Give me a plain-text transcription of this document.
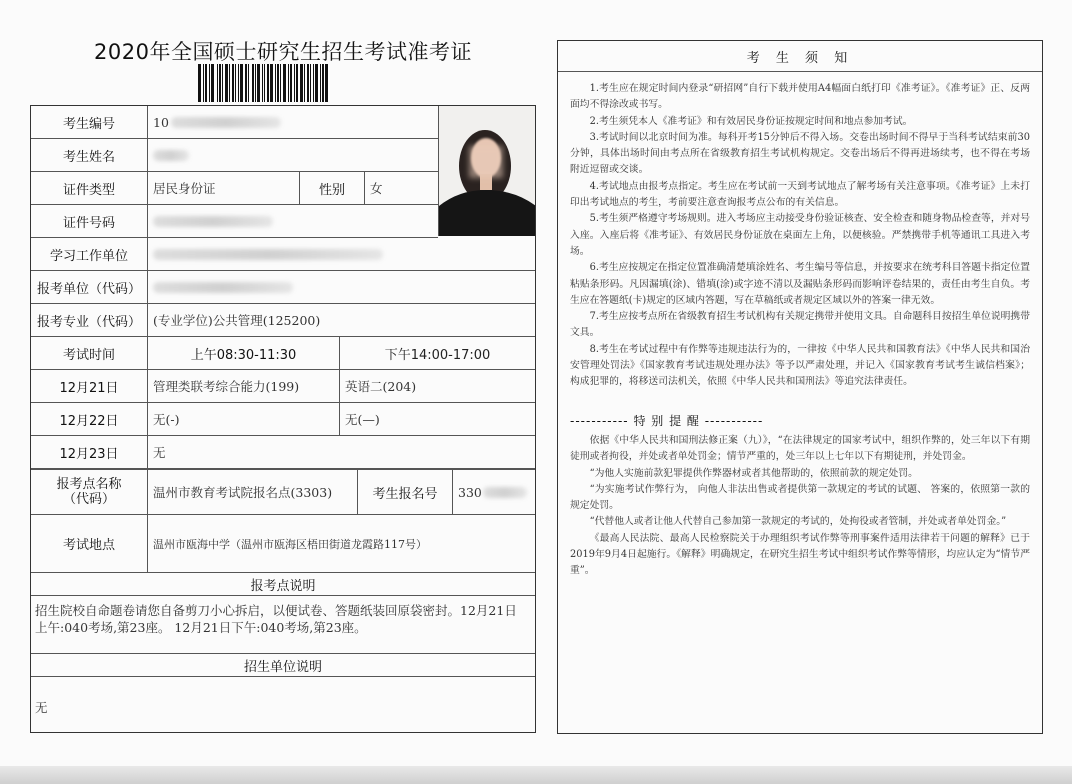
2020年全国硕士研究生招生考试准考证
考生编号	10
考生姓名
证件类型	居民身份证	性别	女
证件号码
学习工作单位
报考单位（代码）
报考专业（代码） (专业学位)公共管理(125200)
考试时间	上午08:30-11:30	下午14:00-17:00
12月21日	管理类联考综合能力(199)	英语二(204)
12月22日	无(-)	无(—)
12月23日	无
报考点名称（代码）	温州市教育考试院报名点(3303)	考生报名号	330
考试地点	温州市瓯海中学（温州市瓯海区梧田街道龙霞路117号）
报考点说明
招生院校自命题卷请您自备剪刀小心拆启，以便试卷、答题纸装回原袋密封。12月21日上午:040考场,第23座。 12月21日下午:040考场,第23座。
招生单位说明
无
考 生 须 知

1.考生应在规定时间内登录“研招网”自行下载并使用A4幅面白纸打印《准考证》。《准考证》正、反两面均不得涂改或书写。

2.考生须凭本人《准考证》和有效居民身份证按规定时间和地点参加考试。

3.考试时间以北京时间为准。每科开考15分钟后不得入场。交卷出场时间不得早于当科考试结束前30分钟，具体出场时间由考点所在省级教育招生考试机构规定。交卷出场后不得再进场续考，也不得在考场附近逗留或交谈。

4.考试地点由报考点指定。考生应在考试前一天到考试地点了解考场有关注意事项。《准考证》上未打印出考试地点的考生，考前要注意查询报考点公布的有关信息。

5.考生须严格遵守考场规则。进入考场应主动接受身份验证核查、安全检查和随身物品检查等，并对号入座。入座后将《准考证》、有效居民身份证放在桌面左上角，以便核验。严禁携带手机等通讯工具进入考场。

6.考生应按规定在指定位置准确清楚填涂姓名、考生编号等信息，并按要求在统考科目答题卡指定位置粘贴条形码。凡因漏填(涂)、错填(涂)或字迹不清以及漏贴条形码而影响评卷结果的，责任由考生自负。考生应在答题纸(卡)规定的区域内答题，写在草稿纸或者规定区域以外的答案一律无效。

7.考生应按考点所在省级教育招生考试机构有关规定携带并使用文具。自命题科目按招生单位说明携带文具。

8.考生在考试过程中有作弊等违规违法行为的，一律按《中华人民共和国教育法》《中华人民共和国治安管理处罚法》《国家教育考试违规处理办法》等予以严肃处理，并记入《国家教育考试考生诚信档案》；构成犯罪的，将移送司法机关，依照《中华人民共和国刑法》等追究法律责任。

----------- 特 别 提 醒 -----------

依据《中华人民共和国刑法修正案（九）》，“在法律规定的国家考试中，组织作弊的，处三年以下有期徒刑或者拘役，并处或者单处罚金；情节严重的，处三年以上七年以下有期徒刑，并处罚金。

“为他人实施前款犯罪提供作弊器材或者其他帮助的，依照前款的规定处罚。

“为实施考试作弊行为， 向他人非法出售或者提供第一款规定的考试的试题、 答案的，依照第一款的规定处罚。

“代替他人或者让他人代替自己参加第一款规定的考试的，处拘役或者管制，并处或者单处罚金。”

《最高人民法院、最高人民检察院关于办理组织考试作弊等刑事案件适用法律若干问题的解释》已于2019年9月4日起施行。《解释》明确规定，在研究生招生考试中组织考试作弊等情形，均应认定为“情节严重”。
